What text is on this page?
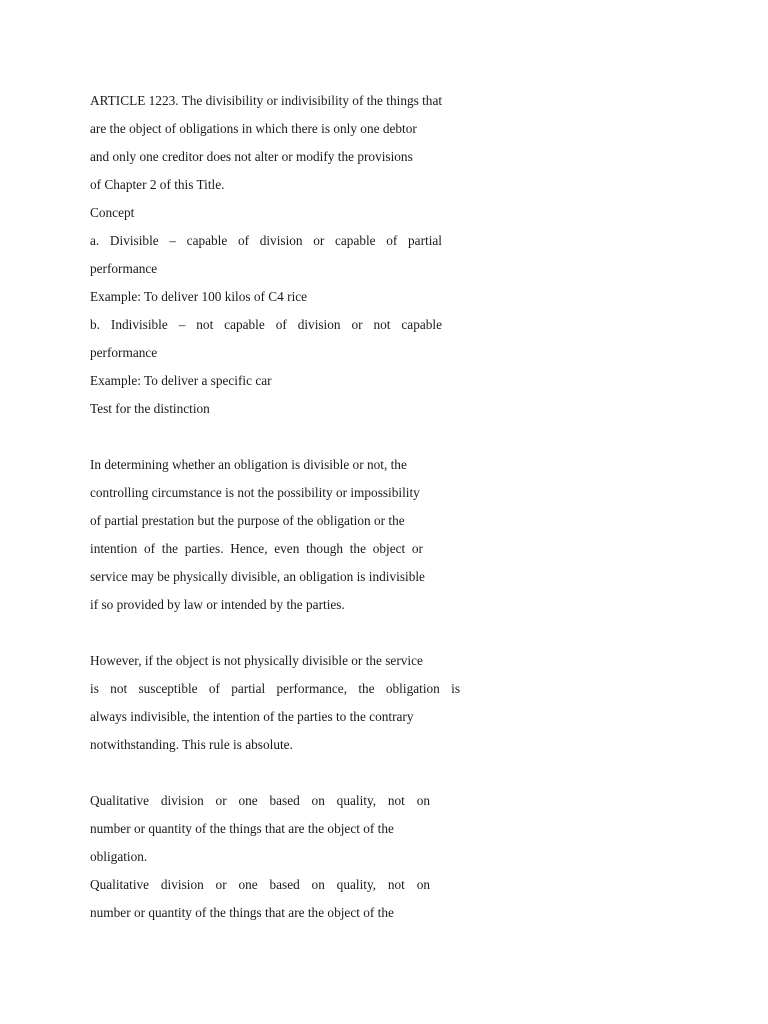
ARTICLE 1223. The divisibility or indivisibility of the things that
are the object of obligations in which there is only one debtor
and only one creditor does not alter or modify the provisions
of Chapter 2 of this Title.
Concept
a. Divisible – capable of division or capable of partial
performance
Example: To deliver 100 kilos of C4 rice
b. Indivisible – not capable of division or not capable
performance
Example: To deliver a specific car
Test for the distinction
In determining whether an obligation is divisible or not, the
controlling circumstance is not the possibility or impossibility
of partial prestation but the purpose of the obligation or the
intention of the parties. Hence, even though the object or
service may be physically divisible, an obligation is indivisible
if so provided by law or intended by the parties.
However, if the object is not physically divisible or the service
is not susceptible of partial performance, the obligation is
always indivisible, the intention of the parties to the contrary
notwithstanding. This rule is absolute.
Qualitative division or one based on quality, not on
number or quantity of the things that are the object of the
obligation.
Qualitative division or one based on quality, not on
number or quantity of the things that are the object of the
